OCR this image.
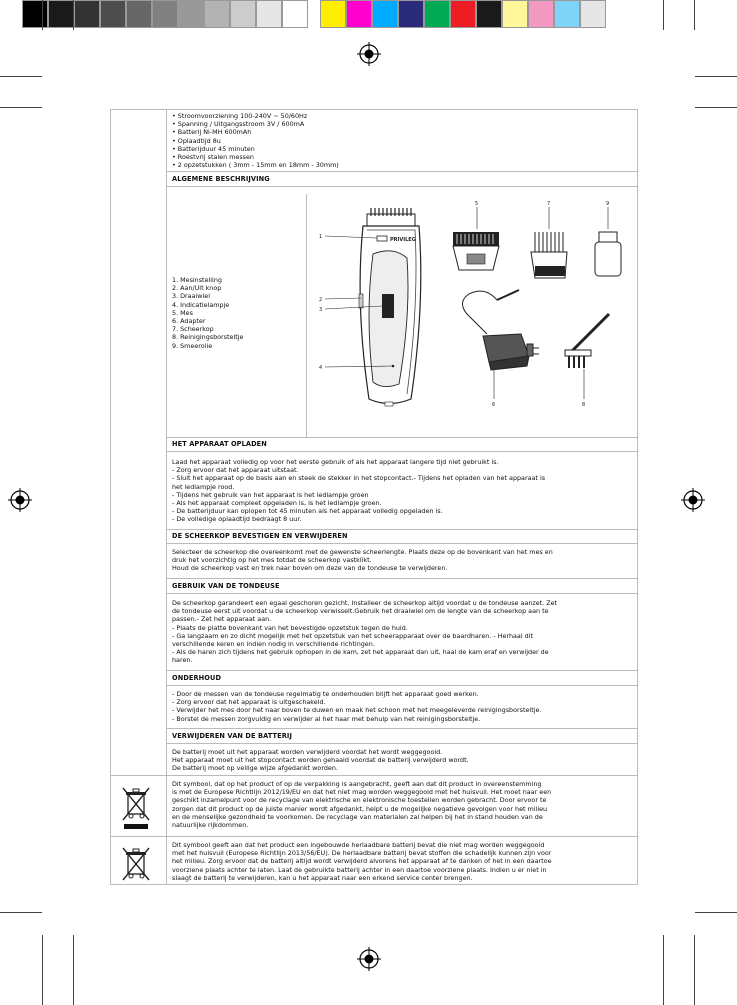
• Stroomvoorziening 100-240V ~ 50/60Hz
• Spanning / Uitgangsstroom 3V / 600mA
• Batterij Ni-MH 600mAh
• Oplaadtijd 8u
• Batterijduur 45 minuten
• Roestvrij stalen messen
• 2 opzetstukken ( 3mm - 15mm en 18mm - 30mm)
ALGEMENE BESCHRIJVING
1. Mesinstelling
2. Aan/Uit knop
3. Draaiwiel
4. Indicatielampje
5. Mes
6. Adapter
7. Scheerkop
8. Reinigingsborsteltje
9. Smeerolie
PRIVILEG
1
2
3
4
5	7	9
6	8
HET APPARAAT OPLADEN
Laad het apparaat volledig op voor het eerste gebruik of als het apparaat langere tijd niet gebruikt is.
- Zorg ervoor dat het apparaat uitstaat.
- Sluit het apparaat op de basis aan en steek de stekker in het stopcontact.- Tijdens het opladen van het apparaat is
het ledlampje rood.
- Tijdens het gebruik van het apparaat is het ledlampje groen
- Als het apparaat compleet opgeladen is, is het ledlampje groen.
- De batterijduur kan oplopen tot 45 minuten als het apparaat volledig opgeladen is.
- De volledige oplaadtijd bedraagt 8 uur.
DE SCHEERKOP BEVESTIGEN EN VERWIJDEREN
Selecteer de scheerkop die overeenkomt met de gewenste scheerlengte. Plaats deze op de bovenkant van het mes en
druk het voorzichtig op het mes totdat de scheerkop vastklikt.
Houd de scheerkop vast en trek naar boven om deze van de tondeuse te verwijderen.
GEBRUIK VAN DE TONDEUSE
De scheerkop garandeert een egaal geschoren gezicht. Installeer de scheerkop altijd voordat u de tondeuse aanzet. Zet
de tondeuse eerst uit voordat u de scheerkop verwisselt.Gebruik het draaiwiel om de lengte van de scheerkop aan te
passen.- Zet het apparaat aan.
- Plaats de platte bovenkant van het bevestigde opzetstuk tegen de huid.
- Ga langzaam en zo dicht mogelijk met het opzetstuk van het scheerapparaat over de baardharen. - Herhaal dit
verschillende keren en indien nodig in verschillende richtingen.
- Als de haren zich tijdens het gebruik ophopen in de kam, zet het apparaat dan uit, haal de kam eraf en verwijder de
haren.
ONDERHOUD
- Door de messen van de tondeuse regelmatig te onderhouden blijft het apparaat goed werken.
- Zorg ervoor dat het apparaat is uitgeschakeld.
- Verwijder het mes door het naar boven te duwen en maak het schoon met het meegeleverde reinigingsborsteltje.
- Borstel de messen zorgvuldig en verwijder al het haar met behulp van het reinigingsborsteltje.
VERWIJDEREN VAN DE BATTERIJ
De batterij moet uit het apparaat worden verwijderd voordat het wordt weggegooid.
Het apparaat moet uit het stopcontact worden gehaald voordat de batterij verwijderd wordt.
De batterij moet op veilige wijze afgedankt worden.
Dit symbool, dat op het product of op de verpakking is aangebracht, geeft aan dat dit product in overeenstemming
is met de Europese Richtlijn 2012/19/EU en dat het niet mag worden weggegooid met het huisvuil. Het moet naar een
geschikt inzamelpunt voor de recyclage van elektrische en elektronische toestellen worden gebracht. Door ervoor te
zorgen dat dit product op de juiste manier wordt afgedankt, helpt u de mogelijke negatieve gevolgen voor het milieu
en de menselijke gezondheid te voorkomen. De recyclage van materialen zal helpen bij het in stand houden van de
natuurlijke rijkdommen.
Dit symbool geeft aan dat het product een ingebouwde herlaadbare batterij bevat die niet mag worden weggegooid
met het huisvuil (Europese Richtlijn 2013/56/EU). De herlaadbare batterij bevat stoffen die schadelijk kunnen zijn voor
het milieu. Zorg ervoor dat de batterij altijd wordt verwijderd alvorens het apparaat af te danken of het in een daartoe
voorziene plaats achter te laten. Laat de gebruikte batterij achter in een daartoe voorziene plaats. Indien u er niet in
slaagt de batterij te verwijderen, kan u het apparaat naar een erkend service center brengen.
